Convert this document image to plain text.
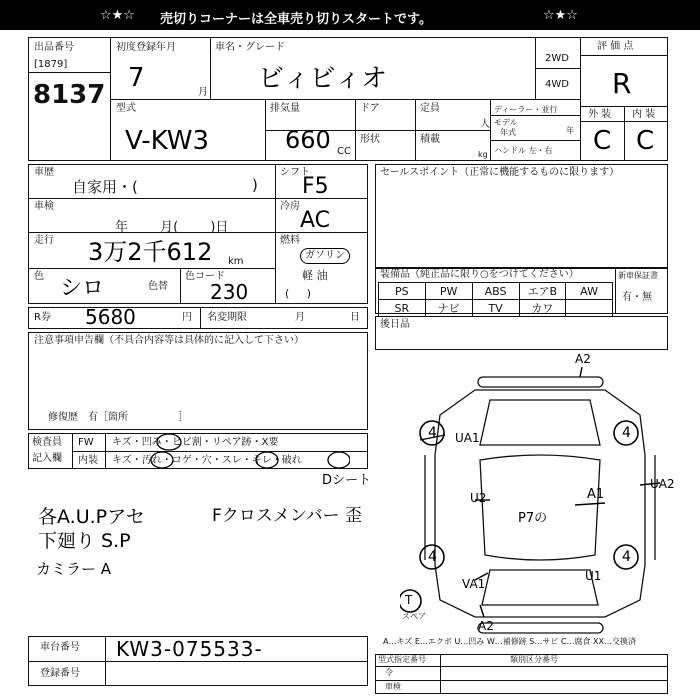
☆★☆ 売切りコーナーは全車売り切りスタートです。	☆★☆
出品番号
[1879]
8137
初度登録年月
7	月
車名・グレード
ビィビィオ
2WD
4WD
型式
V-KW3
排気量
660 CC
ドア	定員
人
形状	積載
kg
ディーラー・並行
モデル
年式	年
ハンドル 左・右
評 価 点
R
外 装 内 装
C C
車歴
自家用・(	)
車検
年 月( )日
走行 3万2千612 km
色 シロ	色替
色コード
230
シフト
F5
冷房
AC
燃料
ガソリン
軽 油
( )
セールスポイント（正常に機能するものに限ります）
装備品（純正品に限り○をつけてください）
PS	PW	ABS	エアB	AW
SR	ナビ	TV	カワ	
新車保証書
有・無
R券 5680	円 名変期限	月	日
後日品
注意事項申告欄（不具合内容等は具体的に記入して下さい）
修復歴　有［箇所　　　　　］
検査員
記入欄
FW キズ・凹み・ヒビ割・リペア跡・X要
内装 キズ・汚れ・コゲ・穴・スレ・キレ・破れ
Dシート
各A.U.Pアセ	Fクロスメンバー 歪
下廻り S.P
カミラー A
A2
UA1
U2	A1
UA2
P7の
U1
VA1
A2
T
スペア
4	4
4	4
A…キズ E…エクボ U…凹み W…補修跡 S…サビ C…腐食 XX…交換済
車台番号 KW3-075533-
登録番号
型式指定番号	類別区分番号
令
車検
